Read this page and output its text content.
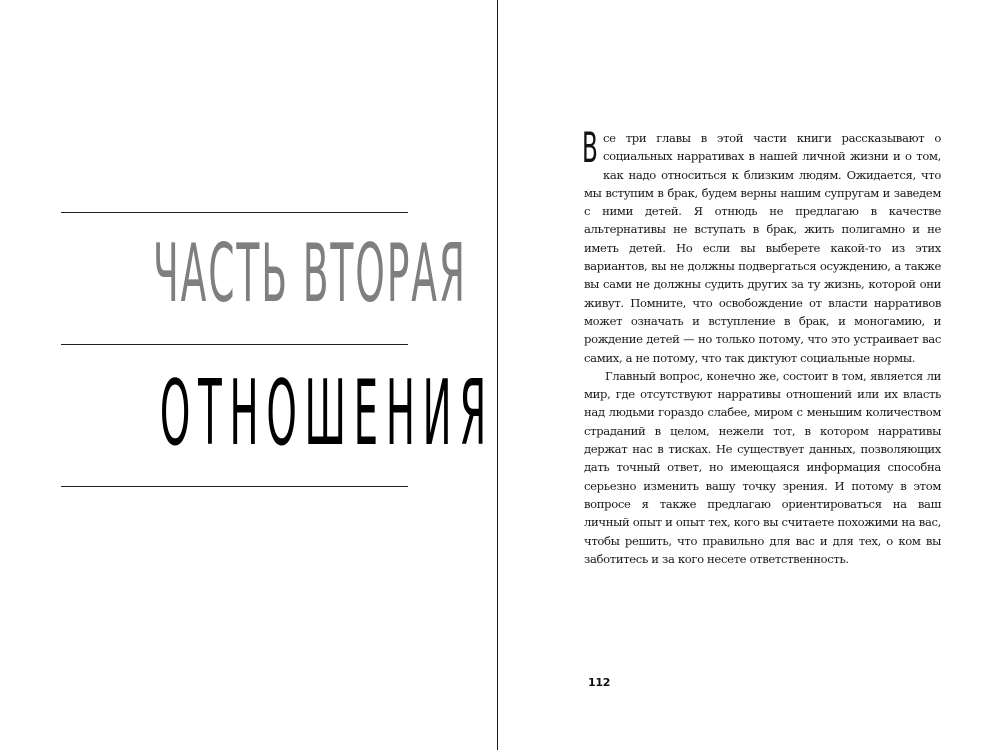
ЧАСТЬ ВТОРАЯ
ОТНОШЕНИЯ

Все три главы в этой части книги рассказывают о социальных нарративах в нашей личной жизни и о том, как надо относиться к близким людям. Ожидается, что мы вступим в брак, будем верны нашим супругам и заведем с ними детей. Я отнюдь не предлагаю в качестве альтернативы не вступать в брак, жить полигамно и не иметь детей. Но если вы выберете какой-то из этих вариантов, вы не должны подвергаться осуждению, а также вы сами не должны судить других за ту жизнь, которой они живут. Помните, что освобождение от власти нарративов может означать и вступление в брак, и моногамию, и рождение детей — но только потому, что это устраивает вас самих, а не потому, что так диктуют социальные нормы.

Главный вопрос, конечно же, состоит в том, является ли мир, где отсутствуют нарративы отношений или их власть над людьми гораздо слабее, миром с меньшим количеством страданий в целом, нежели тот, в котором нарративы держат нас в тисках. Не существует данных, позволяющих дать точный ответ, но имеющаяся информация способна серьезно изменить вашу точку зрения. И потому в этом вопросе я также предлагаю ориентироваться на ваш личный опыт и опыт тех, кого вы считаете похожими на вас, чтобы решить, что правильно для вас и для тех, о ком вы заботитесь и за кого несете ответственность.

112
